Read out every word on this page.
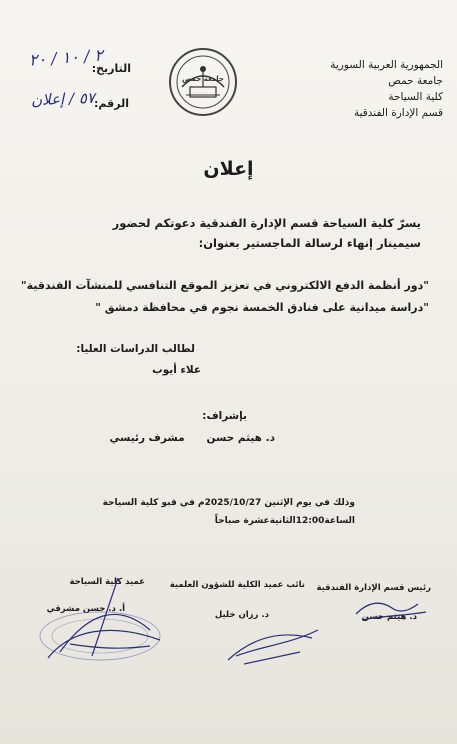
الجمهورية العربية السورية
جامعة حمص
كلية السياحة
قسم الإدارة الفندقية
جامعة حمص
التاريخ:
الرقم:
٢ / ١٠ / ٢٠
٥٧ / إعلان
إعلان
يسرّ كلية السياحة قسم الإدارة الفندقية دعوتكم لحضور
سيمينار إنهاء لرسالة الماجستير بعنوان:
"دور أنظمة الدفع الالكتروني في تعزيز الموقع التنافسي للمنشآت الفندقية"
"دراسة ميدانية على فنادق الخمسة نجوم في محافظة دمشق "
لطالب الدراسات العليا:
علاء أيوب
بإشراف:
د. هيثم حسن      مشرف رئيسي
وذلك في يوم الإثنين 2025/10/27م في قبو كلية السياحة
الساعة12:00الثانيةعشرة صباحاً
رئيس قسم الإدارة الفندقية
نائب عميد الكلية للشؤون العلمية
عميد كلية السياحة
د. هيثم حسن
د. رزان خليل
أ. د. حسن مشرقي
